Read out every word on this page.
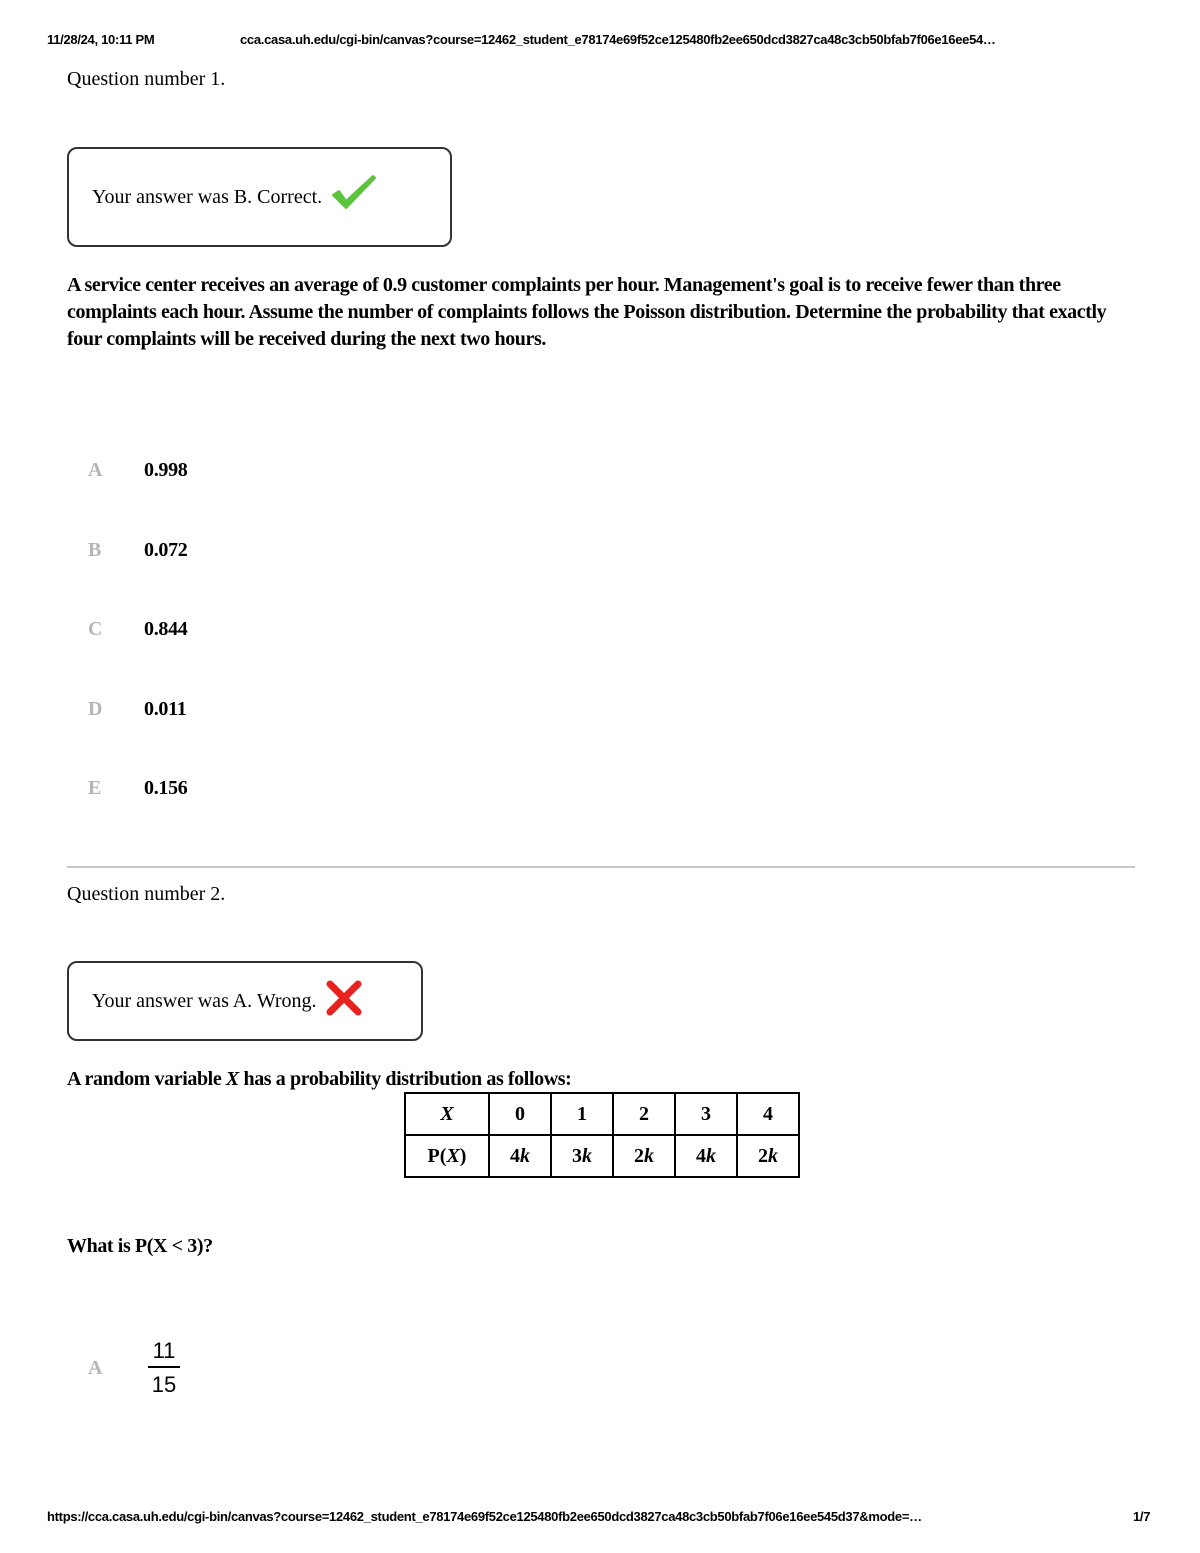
11/28/24, 10:11 PM	cca.casa.uh.edu/cgi-bin/canvas?course=12462_student_e78174e69f52ce125480fb2ee650dcd3827ca48c3cb50bfab7f06e16ee54…
Question number 1.
Your answer was B. Correct.
A service center receives an average of 0.9 customer complaints per hour. Management's goal is to receive fewer than three complaints each hour. Assume the number of complaints follows the Poisson distribution. Determine the probability that exactly four complaints will be received during the next two hours.
A	0.998
B	0.072
C	0.844
D	0.011
E	0.156
Question number 2.
Your answer was A. Wrong.
A random variable X has a probability distribution as follows:
X	0	1	2	3	4
P(X)	4k	3k	2k	4k	2k
What is P(X < 3)?
A
11
15
https://cca.casa.uh.edu/cgi-bin/canvas?course=12462_student_e78174e69f52ce125480fb2ee650dcd3827ca48c3cb50bfab7f06e16ee545d37&mode=…	1/7
